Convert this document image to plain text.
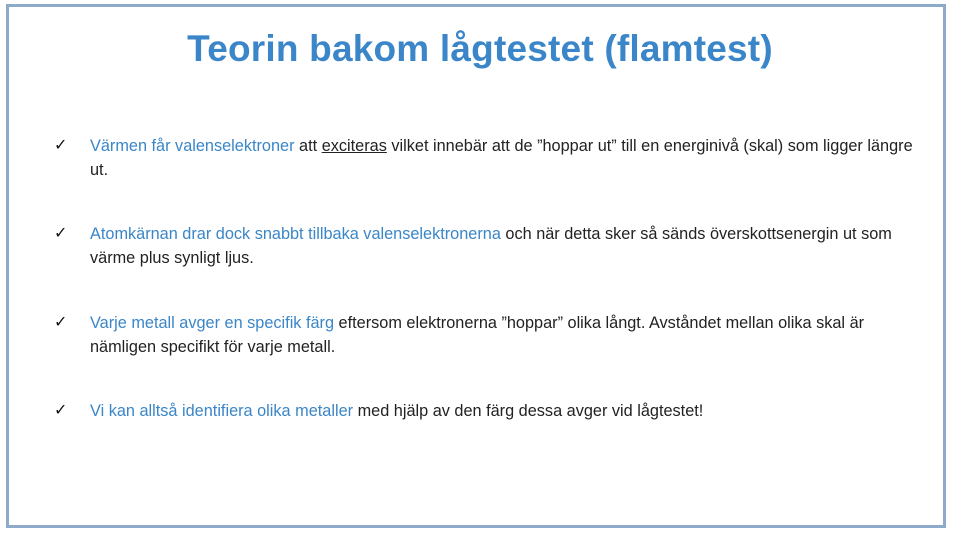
Teorin bakom lågtestet (flamtest)
✓	Värmen får valenselektroner att exciteras vilket innebär att de ”hoppar ut” till en energinivå (skal) som ligger längre ut.
✓	Atomkärnan drar dock snabbt tillbaka valenselektronerna och när detta sker så sänds överskottsenergin ut som värme plus synligt ljus.
✓	Varje metall avger en specifik färg eftersom elektronerna ”hoppar” olika långt. Avståndet mellan olika skal är nämligen specifikt för varje metall.
✓	Vi kan alltså identifiera olika metaller med hjälp av den färg dessa avger vid lågtestet!
